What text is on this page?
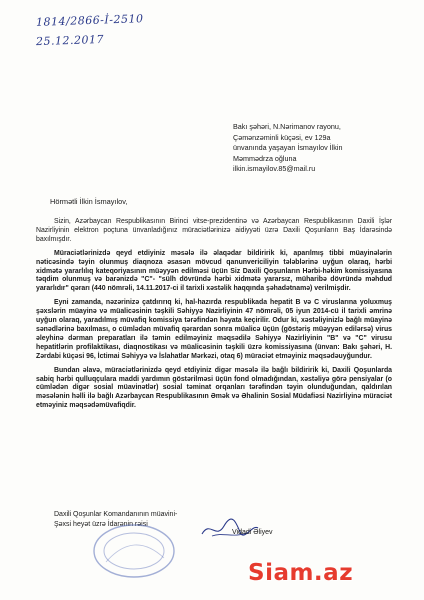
1814/2866-İ-2510
25.12.2017
Bakı şəhəri, N.Nərimanov rayonu,
Çəmənzəminli küçəsi, ev 129a
ünvanında yaşayan İsmayılov İlkin
Məmmədrza oğluna
ilkin.ismayilov.85@mail.ru
Hörmətli İlkin İsmayılov,

Sizin, Azərbaycan Respublikasının Birinci vitse-prezidentinə və Azərbaycan Respublikasının Daxili İşlər Nazirliyinin elektron poçtuna ünvanladığınız müraciətlərinizə aidiyyəti üzrə Daxili Qoşunların Baş İdarəsində baxılmışdır.

Müraciətlərinizdə qeyd etdiyiniz məsələ ilə əlaqədar bildiririk ki, aparılmış tibbi müayinələrin nəticəsində təyin olunmuş diaqnoza əsasən mövcud qanunvericiliyin tələblərinə uyğun olaraq, hərbi xidmətə yararlılıq kateqoriyasının müəyyən edilməsi üçün Siz Daxili Qoşunların Hərbi-həkim komissiyasına təqdim olunmuş və barənizdə "C"- "sülh dövründə hərbi xidmətə yararsız, müharibə dövründə məhdud yararlıdır" qərarı (440 nömrəli, 14.11.2017-ci il tarixli xəstəlik haqqında şəhadətnamə) verilmişdir.

Eyni zamanda, nəzərinizə çatdırırıq ki, hal-hazırda respublikada hepatit B və C viruslarına yoluxmuş şəxslərin müayinə və müalicəsinin təşkili Səhiyyə Nazirliyinin 47 nömrəli, 05 iyun 2014-cü il tarixli əmrinə uyğun olaraq, yaradılmış müvafiq komissiya tərəfindən həyata keçirilir. Odur ki, xəstəliyinizlə bağlı müayinə sənədlərinə baxılması, o cümlədən müvafiq qərardan sonra müalicə üçün (göstəriş müəyyən edilərsə) virus əleyhinə dərman preparatları ilə təmin edilməyiniz məqsədilə Səhiyyə Nazirliyinin "B" və "C" virusu hepatitlərin profilaktikası, diaqnostikası və müalicəsinin təşkili üzrə komissiyasına (ünvan: Bakı şəhəri, H. Zərdabi küçəsi 96, İctimai Səhiyyə və İslahatlar Mərkəzi, otaq 6) müraciət etməyiniz məqsədəuyğundur.

Bundan əlavə, müraciətlərinizdə qeyd etdiyiniz digər məsələ ilə bağlı bildiririk ki, Daxili Qoşunlarda sabiq hərbi qulluqçulara maddi yardımın göstərilməsi üçün fond olmadığından, xəstəliyə görə pensiyalar (o cümlədən digər sosial müavinətlər) sosial təminat orqanları tərəfindən təyin olunduğundan, qaldırılan məsələnin həlli ilə bağlı Azərbaycan Respublikasının Əmək və Əhalinin Sosial Müdafiəsi Nazirliyinə müraciət etməyiniz məqsədəmüvafiqdir.

Daxili Qoşunlar Komandanının müavini-
Şəxsi heyət üzrə İdarənin rəisi
Vidadi Əliyev
Siam.az
